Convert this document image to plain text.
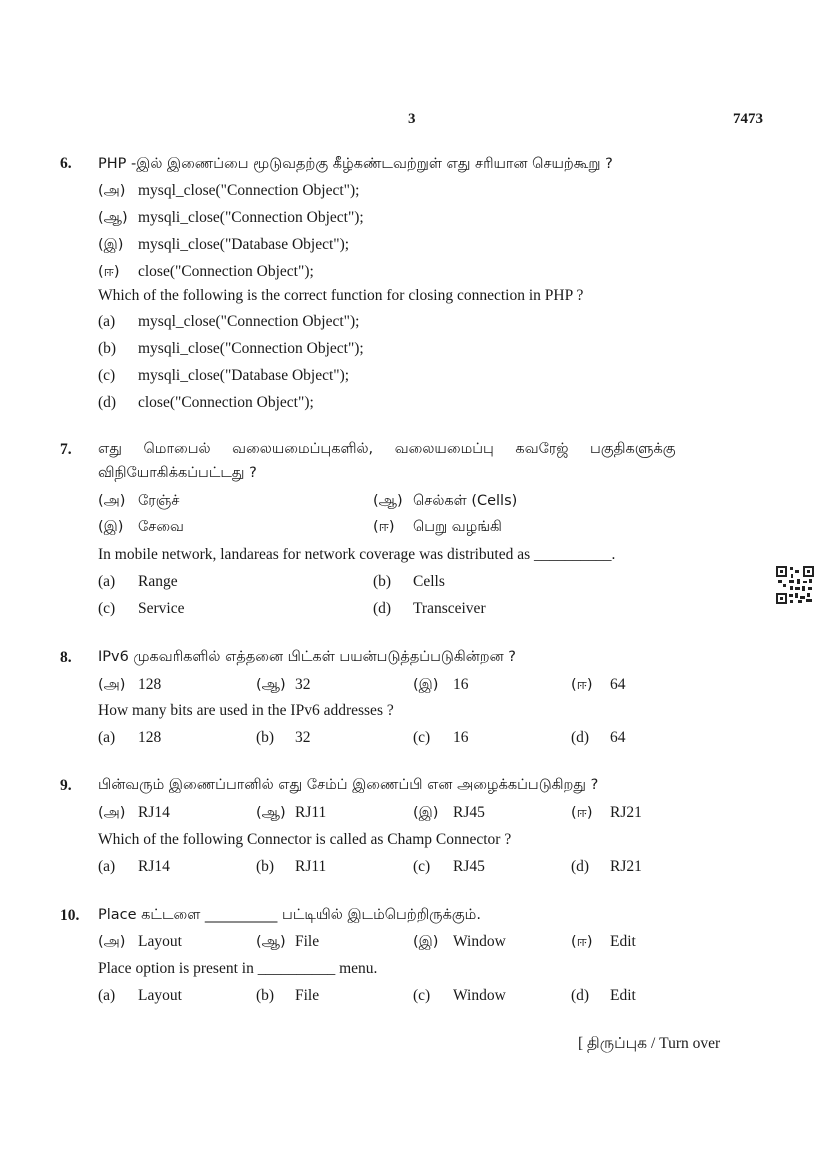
3	7473
6. PHP -இல் இணைப்பை மூடுவதற்கு கீழ்கண்டவற்றுள் எது சரியான செயற்கூறு ?
(அ) mysql_close("Connection Object");
(ஆ) mysqli_close("Connection Object");
(இ) mysqli_close("Database Object");
(ஈ) close("Connection Object");
Which of the following is the correct function for closing connection in PHP ?
(a) mysql_close("Connection Object");
(b) mysqli_close("Connection Object");
(c) mysqli_close("Database Object");
(d) close("Connection Object");
7. எது மொபைல் வலையமைப்புகளில், வலையமைப்பு கவரேஜ் பகுதிகளுக்கு
விநியோகிக்கப்பட்டது ?
(அ) ரேஞ்ச்	(ஆ) செல்கள் (Cells)
(இ) சேவை	(ஈ) பெறு வழங்கி
In mobile network, landareas for network coverage was distributed as __________.
(a) Range	(b) Cells
(c) Service	(d) Transceiver
8. IPv6 முகவரிகளில் எத்தனை பிட்கள் பயன்படுத்தப்படுகின்றன ?
(அ) 128	(ஆ) 32	(இ) 16	(ஈ) 64
How many bits are used in the IPv6 addresses ?
(a) 128	(b) 32	(c) 16	(d) 64
9. பின்வரும் இணைப்பானில் எது சேம்ப் இணைப்பி என அழைக்கப்படுகிறது ?
(அ) RJ14	(ஆ) RJ11	(இ) RJ45	(ஈ) RJ21
Which of the following Connector is called as Champ Connector ?
(a) RJ14	(b) RJ11	(c) RJ45	(d) RJ21
10. Place கட்டளை __________ பட்டியில் இடம்பெற்றிருக்கும்.
(அ) Layout	(ஆ) File	(இ) Window	(ஈ) Edit
Place option is present in __________ menu.
(a) Layout	(b) File	(c) Window	(d) Edit
[ திருப்புக / Turn over
